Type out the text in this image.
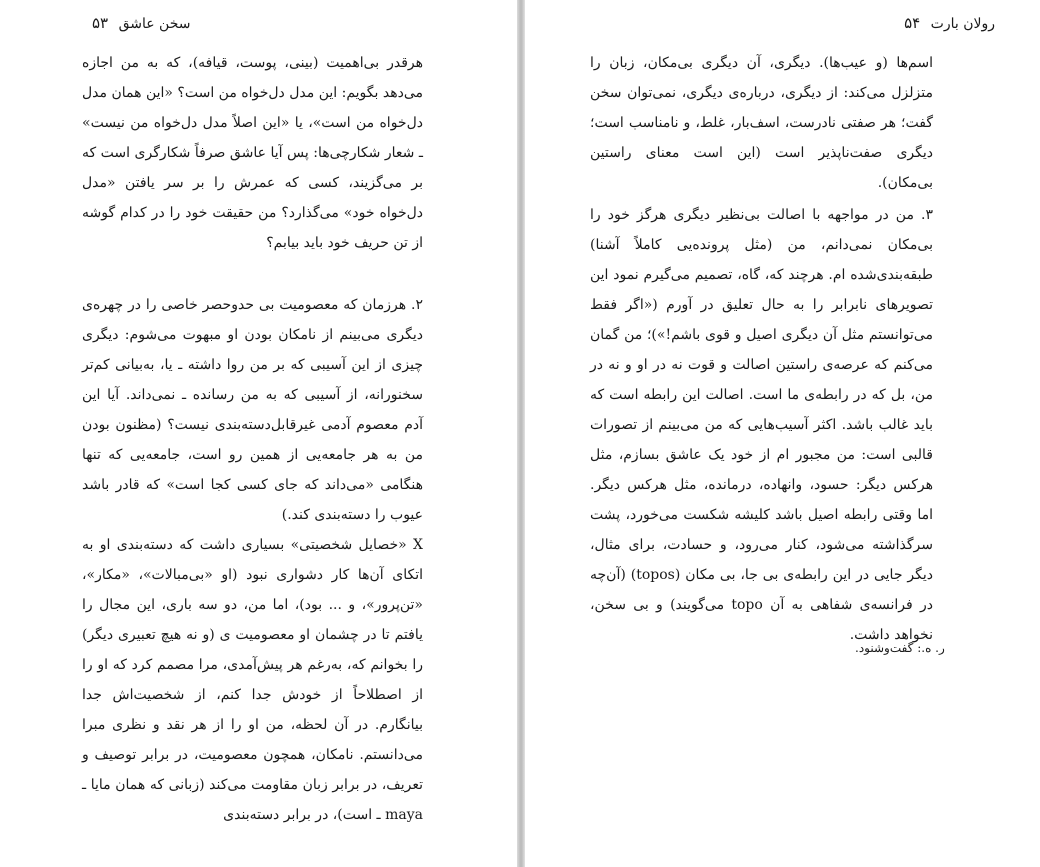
۵۳ سخن عاشق

هرقدر بی‌اهمیت (بینی، پوست، قیافه)، که به من اجازه می‌دهد بگویم: این مدل دل‌خواه من است؟ «این همان مدل دل‌خواه من است»، یا «این اصلاً مدل دل‌خواه من نیست» ـ شعار شکارچی‌ها: پس آیا عاشق صرفاً شکارگری است که بر می‌گزیند، کسی که عمرش را بر سر یافتن «مدل دل‌خواه خود» می‌گذارد؟ من حقیقت خود را در کدام گوشه از تن حریف خود باید بیابم؟

۲. هرزمان که معصومیت بی حدوحصر خاصی را در چهره‌ی دیگری می‌بینم از نامکان بودن او مبهوت می‌شوم: دیگری چیزی از این آسیبی که بر من روا داشته ـ یا، به‌بیانی کم‌تر سخنورانه، از آسیبی که به من رسانده ـ نمی‌داند. آیا این آدم معصوم آدمی غیرقابل‌دسته‌بندی نیست؟ (مظنون بودن من به هر جامعه‌یی از همین رو است، جامعه‌یی که تنها هنگامی «می‌داند که جای کسی کجا است» که قادر باشد عیوب را دسته‌بندی کند.)

X «خصایل شخصیتی» بسیاری داشت که دسته‌بندی او به اتکای آن‌ها کار دشواری نبود (او «بی‌مبالات»، «مکار»، «تن‌پرور»، و ... بود)، اما من، دو سه باری، این مجال را یافتم تا در چشمان او معصومیت ی (و نه هیچ تعبیری دیگر) را بخوانم که، به‌رغم هر پیش‌آمدی، مرا مصمم کرد که او را از اصطلاحاً از خودش جدا کنم، از شخصیت‌اش جدا بیانگارم. در آن لحظه، من او را از هر نقد و نظری مبرا می‌دانستم. نامکان، همچون معصومیت، در برابر توصیف و تعریف، در برابر زبان مقاومت می‌کند (زبانی که همان مایا ـ maya ـ است)، در برابر دسته‌بندی

رولان بارت ۵۴

اسم‌ها (و عیب‌ها). دیگری، آن دیگری بی‌مکان، زبان را متزلزل می‌کند: از دیگری، درباره‌ی دیگری، نمی‌توان سخن گفت؛ هر صفتی نادرست، اسف‌بار، غلط، و نامناسب است؛ دیگری صفت‌ناپذیر است (این است معنای راستین بی‌مکان).

۳. من در مواجهه با اصالت بی‌نظیر دیگری هرگز خود را بی‌مکان نمی‌دانم، من (مثل پرونده‌یی کاملاً آشنا) طبقه‌بندی‌شده ام. هرچند که، گاه، تصمیم می‌گیرم نمود این تصویرهای نابرابر را به حال تعلیق در آورم («اگر فقط می‌توانستم مثل آن دیگری اصیل و قوی باشم!»)؛ من گمان می‌کنم که عرصه‌ی راستین اصالت و قوت نه در او و نه در من، بل که در رابطه‌ی ما است. اصالت این رابطه است که باید غالب باشد. اکثر آسیب‌هایی که من می‌بینم از تصورات قالبی است: من مجبور ام از خود یک عاشق بسازم، مثل هرکس دیگر: حسود، وانهاده، درمانده، مثل هرکس دیگر. اما وقتی رابطه اصیل باشد کلیشه شکست می‌خورد، پشت سرگذاشته می‌شود، کنار می‌رود، و حسادت، برای مثال، دیگر جایی در این رابطه‌ی بی جا، بی مکان (topos) (آن‌چه در فرانسه‌ی شفاهی به آن topo می‌گویند) و بی سخن، نخواهد داشت.

ر. ه.: گفت‌وشنود.
